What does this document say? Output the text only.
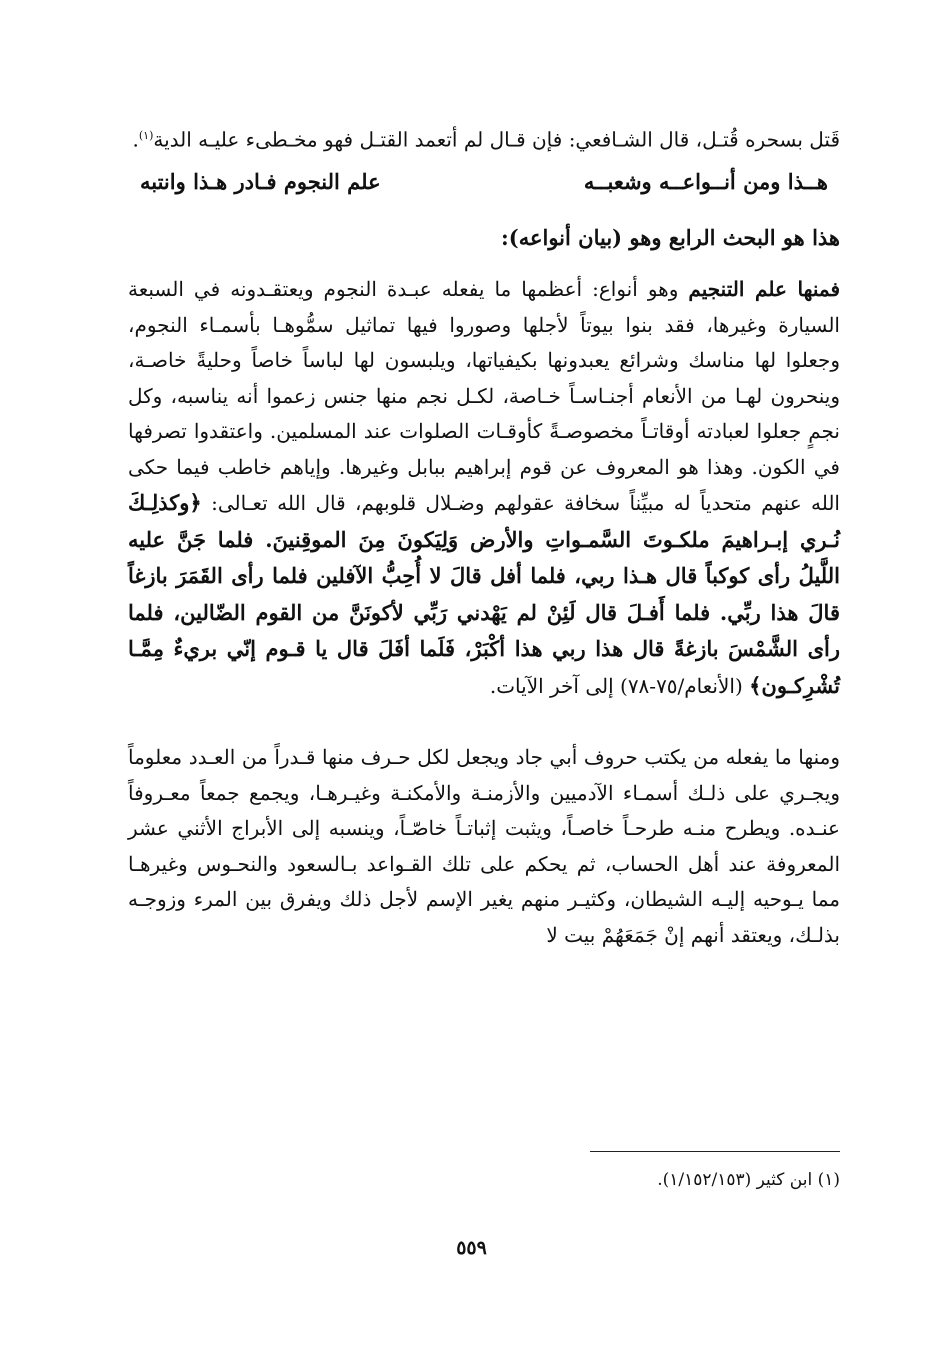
قَتل بسحره قُتـل، قال الشـافعي: فإن قـال لم أتعمد القتـل فهو مخـطىء عليـه الدية$^{(١)}$.

هــذا ومن أنــواعــه وشعبــه
علم النجوم فـادر هـذا وانتبه
هذا هو البحث الرابع وهو (بيان أنواعه):

فمنها علم التنجيم وهو أنواع: أعظمها ما يفعله عبـدة النجوم ويعتقـدونه في السبعة السيارة وغيرها، فقد بنوا بيوتاً لأجلها وصوروا فيها تماثيل سمُّوهـا بأسمـاء النجوم، وجعلوا لها مناسك وشرائع يعبدونها بكيفياتها، ويلبسون لها لباساً خاصاً وحليةً خاصـة، وينحرون لهـا من الأنعام أجنـاسـاً خـاصة، لكـل نجم منها جنس زعموا أنه يناسبه، وكل نجمٍ جعلوا لعبادته أوقاتـاً مخصوصـةً كأوقـات الصلوات عند المسلمين. واعتقدوا تصرفها في الكون. وهذا هو المعروف عن قوم إبراهيم ببابل وغيرها. وإياهم خاطب فيما حكى الله عنهم متحدياً له مبيِّناً سخافة عقولهم وضـلال قلوبهم، قال الله تعـالى: ﴿وكذلِـكَ نُـري إبـراهيمَ ملكـوتَ السَّمـواتِ والأرض وَلِيَكونَ مِنَ الموقِنينَ. فلما جَنَّ عليه اللَّيلُ رأى كوكباً قال هـذا ربي، فلما أفل قالَ لا أُحِبُّ الآفلين فلما رأى القَمَرَ بازغاً قالَ هذا ربِّي. فلما أَفـلَ قال لَئِنْ لم يَهْدني رَبِّي لأكونَنَّ من القوم الضّالين، فلما رأى الشَّمْسَ بازغةً قال هذا ربي هذا أكْبَرْ، فَلَما أفَلَ قال يا قـوم إنّي بريءٌ مِمَّـا تُشْرِكـون﴾ (الأنعام/٧٥-٧٨) إلى آخر الآيات.

ومنها ما يفعله من يكتب حروف أبي جاد ويجعل لكل حـرف منها قـدراً من العـدد معلوماً ويجـري على ذلـك أسمـاء الآدميين والأزمنـة والأمكنـة وغيـرهـا، ويجمع جمعاً معـروفاً عنـده. ويطرح منـه طرحـاً خاصـاً، ويثبت إثباتـاً خاصّـاً، وينسبه إلى الأبراج الأثني عشر المعروفة عند أهل الحساب، ثم يحكم على تلك القـواعد بـالسعود والنحـوس وغيرهـا مما يـوحيه إليـه الشيطان، وكثيـر منهم يغير الإسم لأجل ذلك ويفرق بين المرء وزوجـه بذلـك، ويعتقد أنهم إنْ جَمَعَهُمْ بيت لا

(١) ابن كثير (١/١٥٢/١٥٣).
٥٥٩
